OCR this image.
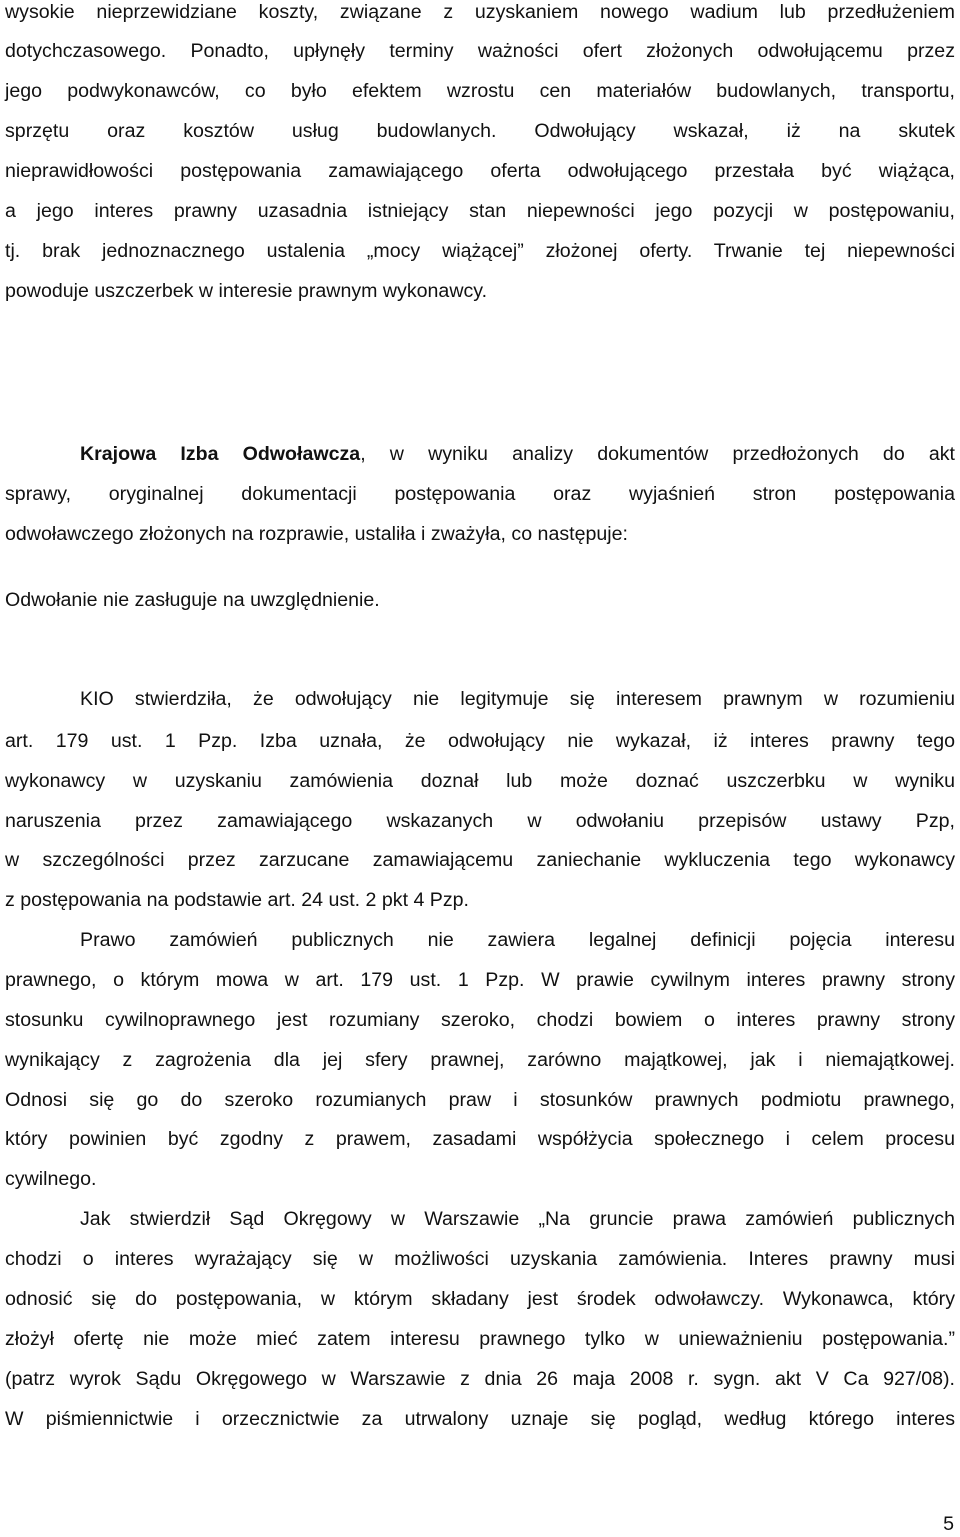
wysokie nieprzewidziane koszty, związane z uzyskaniem nowego wadium lub przedłużeniem
dotychczasowego. Ponadto, upłynęły terminy ważności ofert złożonych odwołującemu przez
jego podwykonawców, co było efektem wzrostu cen materiałów budowlanych, transportu,
sprzętu oraz kosztów usług budowlanych. Odwołujący wskazał, iż na skutek
nieprawidłowości postępowania zamawiającego oferta odwołującego przestała być wiążąca,
a jego interes prawny uzasadnia istniejący stan niepewności jego pozycji w postępowaniu,
tj. brak jednoznacznego ustalenia „mocy wiążącej” złożonej oferty. Trwanie tej niepewności
powoduje uszczerbek w interesie prawnym wykonawcy.
Krajowa Izba Odwoławcza, w wyniku analizy dokumentów przedłożonych do akt
sprawy, oryginalnej dokumentacji postępowania oraz wyjaśnień stron postępowania
odwoławczego złożonych na rozprawie, ustaliła i zważyła, co następuje:
Odwołanie nie zasługuje na uwzględnienie.
KIO stwierdziła, że odwołujący nie legitymuje się interesem prawnym w rozumieniu
art. 179 ust. 1 Pzp. Izba uznała, że odwołujący nie wykazał, iż interes prawny tego
wykonawcy w uzyskaniu zamówienia doznał lub może doznać uszczerbku w wyniku
naruszenia przez zamawiającego wskazanych w odwołaniu przepisów ustawy Pzp,
w szczególności przez zarzucane zamawiającemu zaniechanie wykluczenia tego wykonawcy
z postępowania na podstawie art. 24 ust. 2 pkt 4 Pzp.
Prawo zamówień publicznych nie zawiera legalnej definicji pojęcia interesu
prawnego, o którym mowa w art. 179 ust. 1 Pzp. W prawie cywilnym interes prawny strony
stosunku cywilnoprawnego jest rozumiany szeroko, chodzi bowiem o interes prawny strony
wynikający z zagrożenia dla jej sfery prawnej, zarówno majątkowej, jak i niemajątkowej.
Odnosi się go do szeroko rozumianych praw i stosunków prawnych podmiotu prawnego,
który powinien być zgodny z prawem, zasadami współżycia społecznego i celem procesu
cywilnego.
Jak stwierdził Sąd Okręgowy w Warszawie „Na gruncie prawa zamówień publicznych
chodzi o interes wyrażający się w możliwości uzyskania zamówienia. Interes prawny musi
odnosić się do postępowania, w którym składany jest środek odwoławczy. Wykonawca, który
złożył ofertę nie może mieć zatem interesu prawnego tylko w unieważnieniu postępowania.”
(patrz wyrok Sądu Okręgowego w Warszawie z dnia 26 maja 2008 r. sygn. akt V Ca 927/08).
W piśmiennictwie i orzecznictwie za utrwalony uznaje się pogląd, według którego interes
5
